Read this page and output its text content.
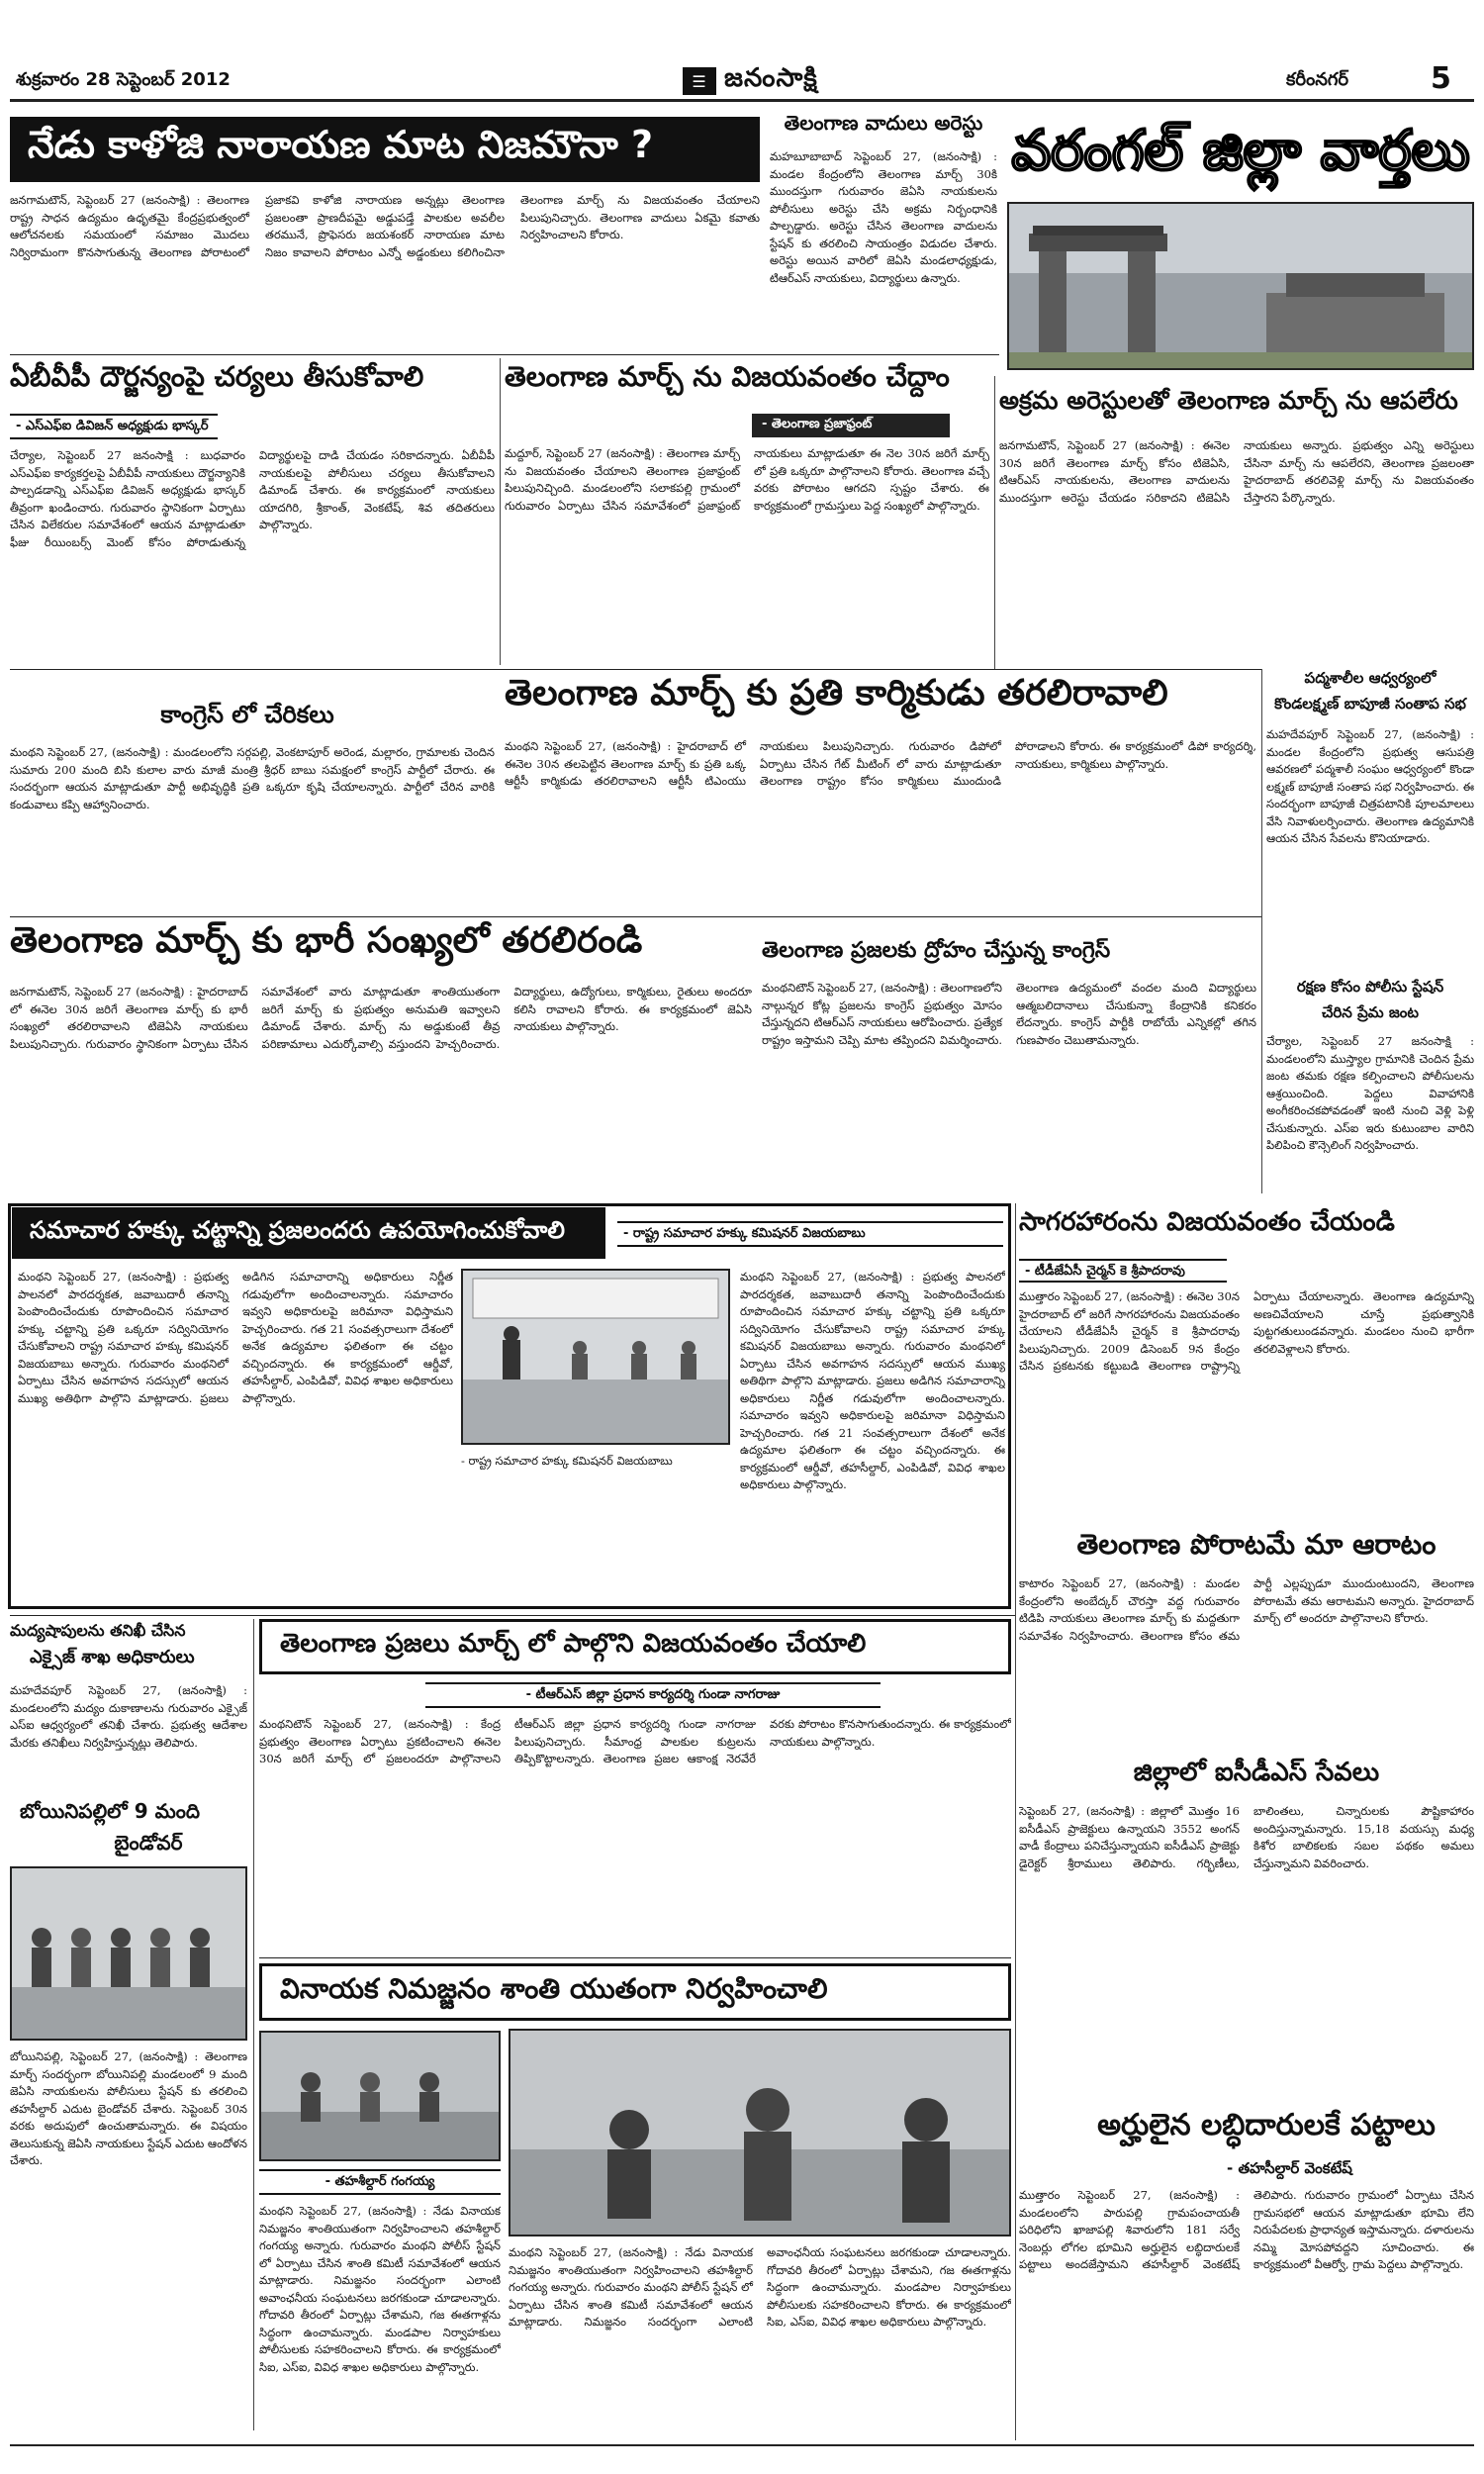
శుక్రవారం 28 సెప్టెంబర్ 2012	☰ జనంసాక్షి	కరీంనగర్	5
నేడు కాళోజి నారాయణ మాట నిజమౌనా ?
జనగామటౌన్, సెప్టెంబర్ 27 (జనంసాక్షి) : తెలంగాణ రాష్ట్ర సాధన ఉద్యమం ఉధృతమై కేంద్రప్రభుత్వంలో ఆలోచనలకు సమయంలో సమాజం మొదలు నిర్విరామంగా కొనసాగుతున్న తెలంగాణ పోరాటంలో ప్రజాకవి కాళోజి నారాయణ అన్నట్లు తెలంగాణ ప్రజలంతా ప్రాణదీపమై అడ్డుపడ్తే పాలకుల అవలీల తరమునే, ప్రొఫెసరు జయశంకర్ నారాయణ మాట నిజం కావాలని పోరాటం ఎన్నో అడ్డంకులు కలిగించినా తెలంగాణ మార్చ్ ను విజయవంతం చేయాలని పిలుపునిచ్చారు. తెలంగాణ వాదులు ఏకమై కవాతు నిర్వహించాలని కోరారు.
తెలంగాణ వాదులు అరెస్టు
మహబూబాబాద్ సెప్టెంబర్ 27, (జనంసాక్షి) : మండల కేంద్రంలోని తెలంగాణ మార్చ్ 30కి ముందస్తుగా గురువారం జెఏసి నాయకులను పోలీసులు అరెస్టు చేసి అక్రమ నిర్బంధానికి పాల్పడ్డారు. అరెస్టు చేసిన తెలంగాణ వాదులను స్టేషన్ కు తరలించి సాయంత్రం విడుదల చేశారు. అరెస్టు అయిన వారిలో జెఏసి మండలాధ్యక్షుడు, టిఆర్ఎస్ నాయకులు, విద్యార్థులు ఉన్నారు.
వరంగల్ జిల్లా వార్తలు
ఏబీవీపీ దౌర్జన్యంపై చర్యలు తీసుకోవాలి
- ఎస్ఎఫ్ఐ డివిజన్ అధ్యక్షుడు భాస్కర్
చేర్యాల, సెప్టెంబర్ 27 జనంసాక్షి : బుధవారం ఎస్ఎఫ్ఐ కార్యకర్తలపై ఏబీవీపీ నాయకులు దౌర్జన్యానికి పాల్పడడాన్ని ఎస్ఎఫ్ఐ డివిజన్ అధ్యక్షుడు భాస్కర్ తీవ్రంగా ఖండించారు. గురువారం స్థానికంగా ఏర్పాటు చేసిన విలేకరుల సమావేశంలో ఆయన మాట్లాడుతూ ఫీజు రీయింబర్స్ మెంట్ కోసం పోరాడుతున్న విద్యార్థులపై దాడి చేయడం సరికాదన్నారు. ఏబీవీపీ నాయకులపై పోలీసులు చర్యలు తీసుకోవాలని డిమాండ్ చేశారు. ఈ కార్యక్రమంలో నాయకులు యాదగిరి, శ్రీకాంత్, వెంకటేష్, శివ తదితరులు పాల్గొన్నారు.
తెలంగాణ మార్చ్ ను విజయవంతం చేద్దాం
- తెలంగాణ ప్రజాఫ్రంట్
మద్దూర్, సెప్టెంబర్ 27 (జనంసాక్షి) : తెలంగాణ మార్చ్ ను విజయవంతం చేయాలని తెలంగాణ ప్రజాఫ్రంట్ పిలుపునిచ్చింది. మండలంలోని సలాకపల్లి గ్రామంలో గురువారం ఏర్పాటు చేసిన సమావేశంలో ప్రజాఫ్రంట్ నాయకులు మాట్లాడుతూ ఈ నెల 30న జరిగే మార్చ్ లో ప్రతి ఒక్కరూ పాల్గొనాలని కోరారు. తెలంగాణ వచ్చే వరకు పోరాటం ఆగదని స్పష్టం చేశారు. ఈ కార్యక్రమంలో గ్రామస్తులు పెద్ద సంఖ్యలో పాల్గొన్నారు.
అక్రమ అరెస్టులతో తెలంగాణ మార్చ్ ను ఆపలేరు
జనగామటౌన్, సెప్టెంబర్ 27 (జనంసాక్షి) : ఈనెల 30న జరిగే తెలంగాణ మార్చ్ కోసం టిజెఏసి, టిఆర్ఎస్ నాయకులను, తెలంగాణ వాదులను ముందస్తుగా అరెస్టు చేయడం సరికాదని టిజెఏసి నాయకులు అన్నారు. ప్రభుత్వం ఎన్ని అరెస్టులు చేసినా మార్చ్ ను ఆపలేరని, తెలంగాణ ప్రజలంతా హైదరాబాద్ తరలివెళ్లి మార్చ్ ను విజయవంతం చేస్తారని పేర్కొన్నారు.
తెలంగాణ మార్చ్ కు ప్రతి కార్మికుడు తరలిరావాలి
మంథని సెప్టెంబర్ 27, (జనంసాక్షి) : హైదరాబాద్ లో ఈనెల 30న తలపెట్టిన తెలంగాణ మార్చ్ కు ప్రతి ఒక్క ఆర్టీసీ కార్మికుడు తరలిరావాలని ఆర్టీసీ టిఎంయు నాయకులు పిలుపునిచ్చారు. గురువారం డిపోలో ఏర్పాటు చేసిన గేట్ మీటింగ్ లో వారు మాట్లాడుతూ తెలంగాణ రాష్ట్రం కోసం కార్మికులు ముందుండి పోరాడాలని కోరారు. ఈ కార్యక్రమంలో డిపో కార్యదర్శి, నాయకులు, కార్మికులు పాల్గొన్నారు.
కాంగ్రెస్ లో చేరికలు
మంథని సెప్టెంబర్ 27, (జనంసాక్షి) : మండలంలోని సర్గపల్లి, వెంకటాపూర్ అరెండ, మల్లారం, గ్రామాలకు చెందిన సుమారు 200 మంది బిసి కులాల వారు మాజీ మంత్రి శ్రీధర్ బాబు సమక్షంలో కాంగ్రెస్ పార్టీలో చేరారు. ఈ సందర్భంగా ఆయన మాట్లాడుతూ పార్టీ అభివృద్ధికి ప్రతి ఒక్కరూ కృషి చేయాలన్నారు. పార్టీలో చేరిన వారికి కండువాలు కప్పి ఆహ్వానించారు.
తెలంగాణ మార్చ్ కు భారీ సంఖ్యలో తరలిరండి
జనగామటౌన్, సెప్టెంబర్ 27 (జనంసాక్షి) : హైదరాబాద్ లో ఈనెల 30న జరిగే తెలంగాణ మార్చ్ కు భారీ సంఖ్యలో తరలిరావాలని టిజెఏసి నాయకులు పిలుపునిచ్చారు. గురువారం స్థానికంగా ఏర్పాటు చేసిన సమావేశంలో వారు మాట్లాడుతూ శాంతియుతంగా జరిగే మార్చ్ కు ప్రభుత్వం అనుమతి ఇవ్వాలని డిమాండ్ చేశారు. మార్చ్ ను అడ్డుకుంటే తీవ్ర పరిణామాలు ఎదుర్కోవాల్సి వస్తుందని హెచ్చరించారు. విద్యార్థులు, ఉద్యోగులు, కార్మికులు, రైతులు అందరూ కలిసి రావాలని కోరారు. ఈ కార్యక్రమంలో జెఏసి నాయకులు పాల్గొన్నారు.
తెలంగాణ ప్రజలకు ద్రోహం చేస్తున్న కాంగ్రెస్
మంథనిటౌన్ సెప్టెంబర్ 27, (జనంసాక్షి) : తెలంగాణలోని నాల్గున్నర కోట్ల ప్రజలను కాంగ్రెస్ ప్రభుత్వం మోసం చేస్తున్నదని టిఆర్ఎస్ నాయకులు ఆరోపించారు. ప్రత్యేక రాష్ట్రం ఇస్తామని చెప్పి మాట తప్పిందని విమర్శించారు. తెలంగాణ ఉద్యమంలో వందల మంది విద్యార్థులు ఆత్మబలిదానాలు చేసుకున్నా కేంద్రానికి కనికరం లేదన్నారు. కాంగ్రెస్ పార్టీకి రాబోయే ఎన్నికల్లో తగిన గుణపాఠం చెబుతామన్నారు.
పద్మశాలీల ఆధ్వర్యంలో
కొండలక్ష్మణ్ బాపూజీ సంతాప సభ
మహదేవపూర్ సెప్టెంబర్ 27, (జనంసాక్షి) : మండల కేంద్రంలోని ప్రభుత్వ ఆసుపత్రి ఆవరణలో పద్మశాలీ సంఘం ఆధ్వర్యంలో కొండా లక్ష్మణ్ బాపూజీ సంతాప సభ నిర్వహించారు. ఈ సందర్భంగా బాపూజీ చిత్రపటానికి పూలమాలలు వేసి నివాళులర్పించారు. తెలంగాణ ఉద్యమానికి ఆయన చేసిన సేవలను కొనియాడారు.
రక్షణ కోసం పోలీసు స్టేషన్
చేరిన ప్రేమ జంట
చేర్యాల, సెప్టెంబర్ 27 జనంసాక్షి : మండలంలోని ముస్త్యాల గ్రామానికి చెందిన ప్రేమ జంట తమకు రక్షణ కల్పించాలని పోలీసులను ఆశ్రయించింది. పెద్దలు వివాహానికి అంగీకరించకపోవడంతో ఇంటి నుంచి వెళ్లి పెళ్లి చేసుకున్నారు. ఎస్ఐ ఇరు కుటుంబాల వారిని పిలిపించి కౌన్సెలింగ్ నిర్వహించారు.
సమాచార హక్కు చట్టాన్ని ప్రజలందరు ఉపయోగించుకోవాలి	- రాష్ట్ర సమాచార హక్కు కమిషనర్ విజయబాబు
మంథని సెప్టెంబర్ 27, (జనంసాక్షి) : ప్రభుత్వ పాలనలో పారదర్శకత, జవాబుదారీ తనాన్ని పెంపొందించేందుకు రూపొందించిన సమాచార హక్కు చట్టాన్ని ప్రతి ఒక్కరూ సద్వినియోగం చేసుకోవాలని రాష్ట్ర సమాచార హక్కు కమిషనర్ విజయబాబు అన్నారు. గురువారం మంథనిలో ఏర్పాటు చేసిన అవగాహన సదస్సులో ఆయన ముఖ్య అతిథిగా పాల్గొని మాట్లాడారు. ప్రజలు అడిగిన సమాచారాన్ని అధికారులు నిర్ణీత గడువులోగా అందించాలన్నారు. సమాచారం ఇవ్వని అధికారులపై జరిమానా విధిస్తామని హెచ్చరించారు. గత 21 సంవత్సరాలుగా దేశంలో అనేక ఉద్యమాల ఫలితంగా ఈ చట్టం వచ్చిందన్నారు. ఈ కార్యక్రమంలో ఆర్డీవో, తహసీల్దార్, ఎంపిడివో, వివిధ శాఖల అధికారులు పాల్గొన్నారు.
- రాష్ట్ర సమాచార హక్కు కమిషనర్ విజయబాబు
మంథని సెప్టెంబర్ 27, (జనంసాక్షి) : ప్రభుత్వ పాలనలో పారదర్శకత, జవాబుదారీ తనాన్ని పెంపొందించేందుకు రూపొందించిన సమాచార హక్కు చట్టాన్ని ప్రతి ఒక్కరూ సద్వినియోగం చేసుకోవాలని రాష్ట్ర సమాచార హక్కు కమిషనర్ విజయబాబు అన్నారు. గురువారం మంథనిలో ఏర్పాటు చేసిన అవగాహన సదస్సులో ఆయన ముఖ్య అతిథిగా పాల్గొని మాట్లాడారు. ప్రజలు అడిగిన సమాచారాన్ని అధికారులు నిర్ణీత గడువులోగా అందించాలన్నారు. సమాచారం ఇవ్వని అధికారులపై జరిమానా విధిస్తామని హెచ్చరించారు. గత 21 సంవత్సరాలుగా దేశంలో అనేక ఉద్యమాల ఫలితంగా ఈ చట్టం వచ్చిందన్నారు. ఈ కార్యక్రమంలో ఆర్డీవో, తహసీల్దార్, ఎంపిడివో, వివిధ శాఖల అధికారులు పాల్గొన్నారు.
సాగరహారంను విజయవంతం చేయండి
- టీడీజేఏసీ చైర్మన్ కె శ్రీపాదరావు
ముత్తారం సెప్టెంబర్ 27, (జనంసాక్షి) : ఈనెల 30న హైదరాబాద్ లో జరిగే సాగరహారంను విజయవంతం చేయాలని టీడీజేఏసీ చైర్మన్ కె శ్రీపాదరావు పిలుపునిచ్చారు. 2009 డిసెంబర్ 9న కేంద్రం చేసిన ప్రకటనకు కట్టుబడి తెలంగాణ రాష్ట్రాన్ని ఏర్పాటు చేయాలన్నారు. తెలంగాణ ఉద్యమాన్ని అణచివేయాలని చూస్తే ప్రభుత్వానికి పుట్టగతులుండవన్నారు. మండలం నుంచి భారీగా తరలివెళ్లాలని కోరారు.
తెలంగాణ పోరాటమే మా ఆరాటం
కాటారం సెప్టెంబర్ 27, (జనంసాక్షి) : మండల కేంద్రంలోని అంబేద్కర్ చౌరస్తా వద్ద గురువారం టిడిపి నాయకులు తెలంగాణ మార్చ్ కు మద్దతుగా సమావేశం నిర్వహించారు. తెలంగాణ కోసం తమ పార్టీ ఎల్లప్పుడూ ముందుంటుందని, తెలంగాణ పోరాటమే తమ ఆరాటమని అన్నారు. హైదరాబాద్ మార్చ్ లో అందరూ పాల్గొనాలని కోరారు.
జిల్లాలో ఐసీడీఎస్ సేవలు
సెప్టెంబర్ 27, (జనంసాక్షి) : జిల్లాలో మొత్తం 16 ఐసీడీఎస్ ప్రాజెక్టులు ఉన్నాయని 3552 అంగన్ వాడీ కేంద్రాలు పనిచేస్తున్నాయని ఐసీడీఎస్ ప్రాజెక్టు డైరెక్టర్ శ్రీరాములు తెలిపారు. గర్భిణీలు, బాలింతలు, చిన్నారులకు పౌష్టికాహారం అందిస్తున్నామన్నారు. 15,18 వయస్సు మధ్య కిశోర బాలికలకు సబల పథకం అమలు చేస్తున్నామని వివరించారు.
మద్యషాపులను తనిఖీ చేసిన
ఎక్సైజ్ శాఖ అధికారులు
మహదేవపూర్ సెప్టెంబర్ 27, (జనంసాక్షి) : మండలంలోని మద్యం దుకాణాలను గురువారం ఎక్సైజ్ ఎస్ఐ ఆధ్వర్యంలో తనిఖీ చేశారు. ప్రభుత్వ ఆదేశాల మేరకు తనిఖీలు నిర్వహిస్తున్నట్లు తెలిపారు.
బోయినిపల్లిలో 9 మంది
బైండోవర్
బోయినిపల్లి, సెప్టెంబర్ 27, (జనంసాక్షి) : తెలంగాణ మార్చ్ సందర్భంగా బోయినిపల్లి మండలంలో 9 మంది జెఏసి నాయకులను పోలీసులు స్టేషన్ కు తరలించి తహసీల్దార్ ఎదుట బైండోవర్ చేశారు. సెప్టెంబర్ 30న వరకు అదుపులో ఉంచుతామన్నారు. ఈ విషయం తెలుసుకున్న జెఏసి నాయకులు స్టేషన్ ఎదుట ఆందోళన చేశారు.
తెలంగాణ ప్రజలు మార్చ్ లో పాల్గొని విజయవంతం చేయాలి
- టీఆర్ఎస్ జిల్లా ప్రధాన కార్యదర్శి గుండా నాగరాజు
మంథనిటౌన్ సెప్టెంబర్ 27, (జనంసాక్షి) : కేంద్ర ప్రభుత్వం తెలంగాణ ఏర్పాటు ప్రకటించాలని ఈనెల 30న జరిగే మార్చ్ లో ప్రజలందరూ పాల్గొనాలని టీఆర్ఎస్ జిల్లా ప్రధాన కార్యదర్శి గుండా నాగరాజు పిలుపునిచ్చారు. సీమాంధ్ర పాలకుల కుట్రలను తిప్పికొట్టాలన్నారు. తెలంగాణ ప్రజల ఆకాంక్ష నెరవేరే వరకు పోరాటం కొనసాగుతుందన్నారు. ఈ కార్యక్రమంలో నాయకులు పాల్గొన్నారు.
వినాయక నిమజ్జనం శాంతి యుతంగా నిర్వహించాలి
- తహశీల్దార్ గంగయ్య
మంథని సెప్టెంబర్ 27, (జనంసాక్షి) : నేడు వినాయక నిమజ్జనం శాంతియుతంగా నిర్వహించాలని తహశీల్దార్ గంగయ్య అన్నారు. గురువారం మంథని పోలీస్ స్టేషన్ లో ఏర్పాటు చేసిన శాంతి కమిటీ సమావేశంలో ఆయన మాట్లాడారు. నిమజ్జనం సందర్భంగా ఎలాంటి అవాంఛనీయ సంఘటనలు జరగకుండా చూడాలన్నారు. గోదావరి తీరంలో ఏర్పాట్లు చేశామని, గజ ఈతగాళ్లను సిద్ధంగా ఉంచామన్నారు. మండపాల నిర్వాహకులు పోలీసులకు సహకరించాలని కోరారు. ఈ కార్యక్రమంలో సిఐ, ఎస్ఐ, వివిధ శాఖల అధికారులు పాల్గొన్నారు.
మంథని సెప్టెంబర్ 27, (జనంసాక్షి) : నేడు వినాయక నిమజ్జనం శాంతియుతంగా నిర్వహించాలని తహశీల్దార్ గంగయ్య అన్నారు. గురువారం మంథని పోలీస్ స్టేషన్ లో ఏర్పాటు చేసిన శాంతి కమిటీ సమావేశంలో ఆయన మాట్లాడారు. నిమజ్జనం సందర్భంగా ఎలాంటి అవాంఛనీయ సంఘటనలు జరగకుండా చూడాలన్నారు. గోదావరి తీరంలో ఏర్పాట్లు చేశామని, గజ ఈతగాళ్లను సిద్ధంగా ఉంచామన్నారు. మండపాల నిర్వాహకులు పోలీసులకు సహకరించాలని కోరారు. ఈ కార్యక్రమంలో సిఐ, ఎస్ఐ, వివిధ శాఖల అధికారులు పాల్గొన్నారు.
అర్హులైన లబ్ధిదారులకే పట్టాలు
- తహసీల్దార్ వెంకటేష్
ముత్తారం సెప్టెంబర్ 27, (జనంసాక్షి) : మండలంలోని పారుపల్లి గ్రామపంచాయతీ పరిధిలోని ఖాజాపల్లి శివారులోని 181 సర్వే నెంబర్లు లోగల భూమిని అర్హులైన లబ్ధిదారులకే పట్టాలు అందజేస్తామని తహసీల్దార్ వెంకటేష్ తెలిపారు. గురువారం గ్రామంలో ఏర్పాటు చేసిన గ్రామసభలో ఆయన మాట్లాడుతూ భూమి లేని నిరుపేదలకు ప్రాధాన్యత ఇస్తామన్నారు. దళారులను నమ్మి మోసపోవద్దని సూచించారు. ఈ కార్యక్రమంలో వీఆర్వో, గ్రామ పెద్దలు పాల్గొన్నారు.
